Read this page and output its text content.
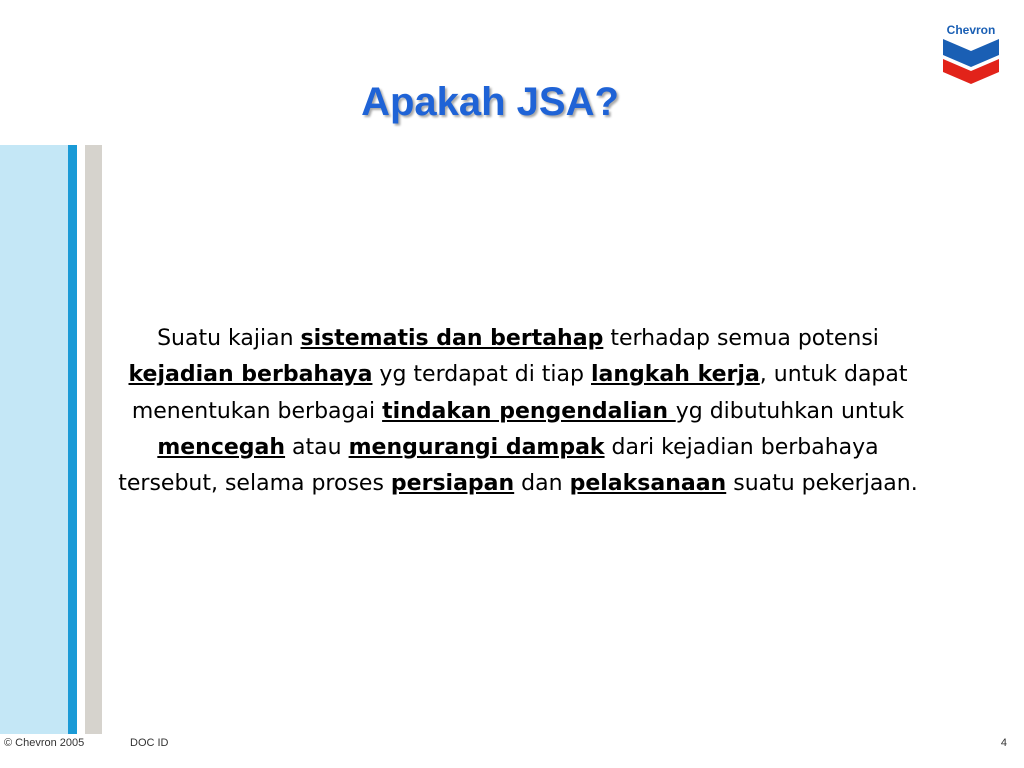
Chevron
Apakah JSA?
Suatu kajian sistematis dan bertahap terhadap semua potensi kejadian berbahaya yg terdapat di tiap langkah kerja, untuk dapat menentukan berbagai tindakan pengendalian yg dibutuhkan untuk mencegah atau mengurangi dampak dari kejadian berbahaya tersebut, selama proses persiapan dan pelaksanaan suatu pekerjaan.
© Chevron 2005	DOC ID	4
